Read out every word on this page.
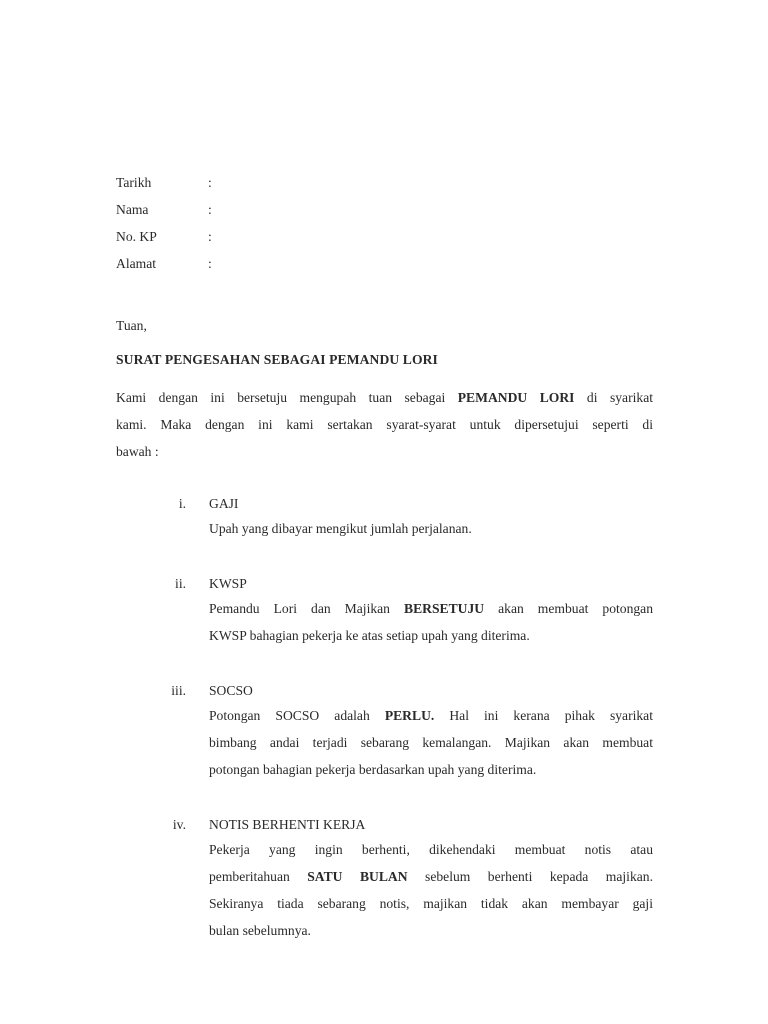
Tarikh	:
Nama	:
No. KP	:
Alamat	:
Tuan,
SURAT PENGESAHAN SEBAGAI PEMANDU LORI
Kami dengan ini bersetuju mengupah tuan sebagai PEMANDU LORI di syarikat
kami. Maka dengan ini kami sertakan syarat-syarat untuk dipersetujui seperti di
bawah :
i. GAJI
Upah yang dibayar mengikut jumlah perjalanan.
ii. KWSP
Pemandu Lori dan Majikan BERSETUJU akan membuat potongan
KWSP bahagian pekerja ke atas setiap upah yang diterima.
iii. SOCSO
Potongan SOCSO adalah PERLU. Hal ini kerana pihak syarikat
bimbang andai terjadi sebarang kemalangan. Majikan akan membuat
potongan bahagian pekerja berdasarkan upah yang diterima.
iv. NOTIS BERHENTI KERJA
Pekerja yang ingin berhenti, dikehendaki membuat notis atau
pemberitahuan SATU BULAN sebelum berhenti kepada majikan.
Sekiranya tiada sebarang notis, majikan tidak akan membayar gaji
bulan sebelumnya.
